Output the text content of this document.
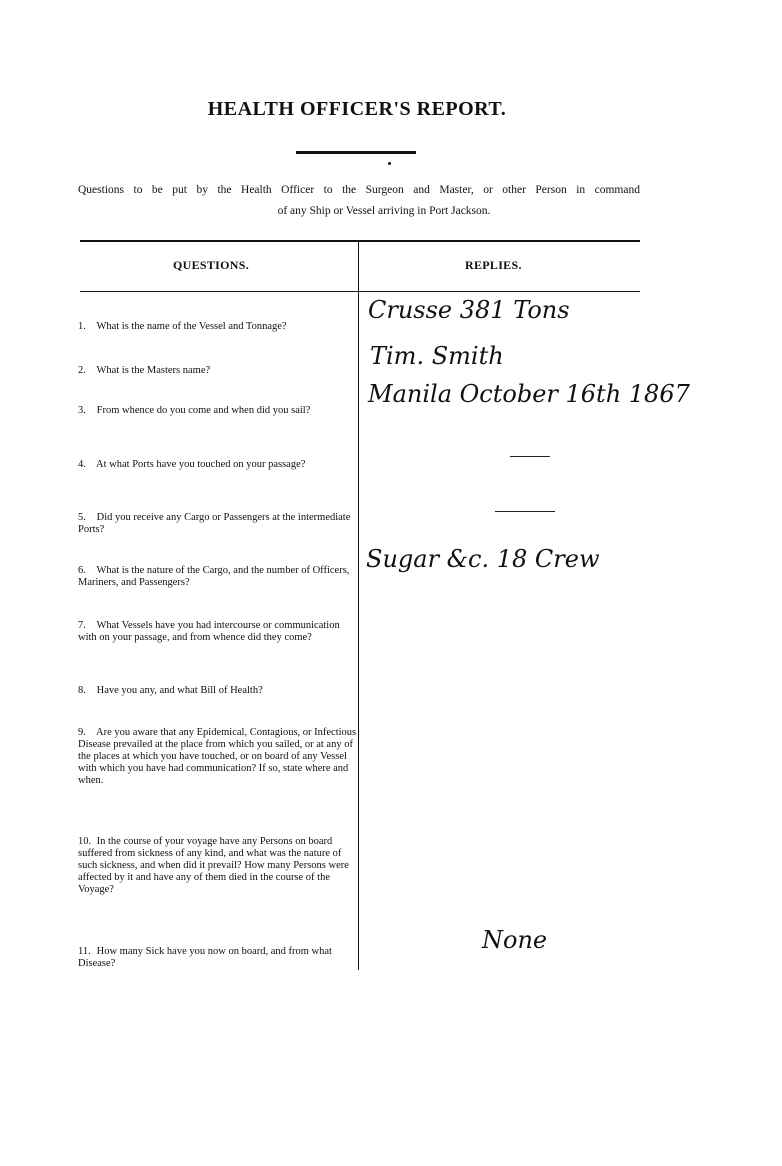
HEALTH OFFICER'S REPORT.
Questions to be put by the Health Officer to the Surgeon and Master, or other Person in command
of any Ship or Vessel arriving in Port Jackson.
QUESTIONS.	REPLIES.
1. What is the name of the Vessel and Tonnage?
2. What is the Masters name?
3. From whence do you come and when did you sail?
4. At what Ports have you touched on your passage?
5. Did you receive any Cargo or Passengers at the intermediate Ports?
6. What is the nature of the Cargo, and the number of Officers, Mariners, and Passengers?
7. What Vessels have you had intercourse or communication with on your passage, and from whence did they come?
8. Have you any, and what Bill of Health?
9. Are you aware that any Epidemical, Contagious, or Infectious Disease prevailed at the place from which you sailed, or at any of the places at which you have touched, or on board of any Vessel with which you have had communication? If so, state where and when.
10. In the course of your voyage have any Persons on board suffered from sickness of any kind, and what was the nature of such sickness, and when did it prevail? How many Persons were affected by it and have any of them died in the course of the Voyage?
11. How many Sick have you now on board, and from what Disease?
Crusse 381 Tons
Tim. Smith
Manila October 16th 1867
Sugar &c. 18 Crew
None
